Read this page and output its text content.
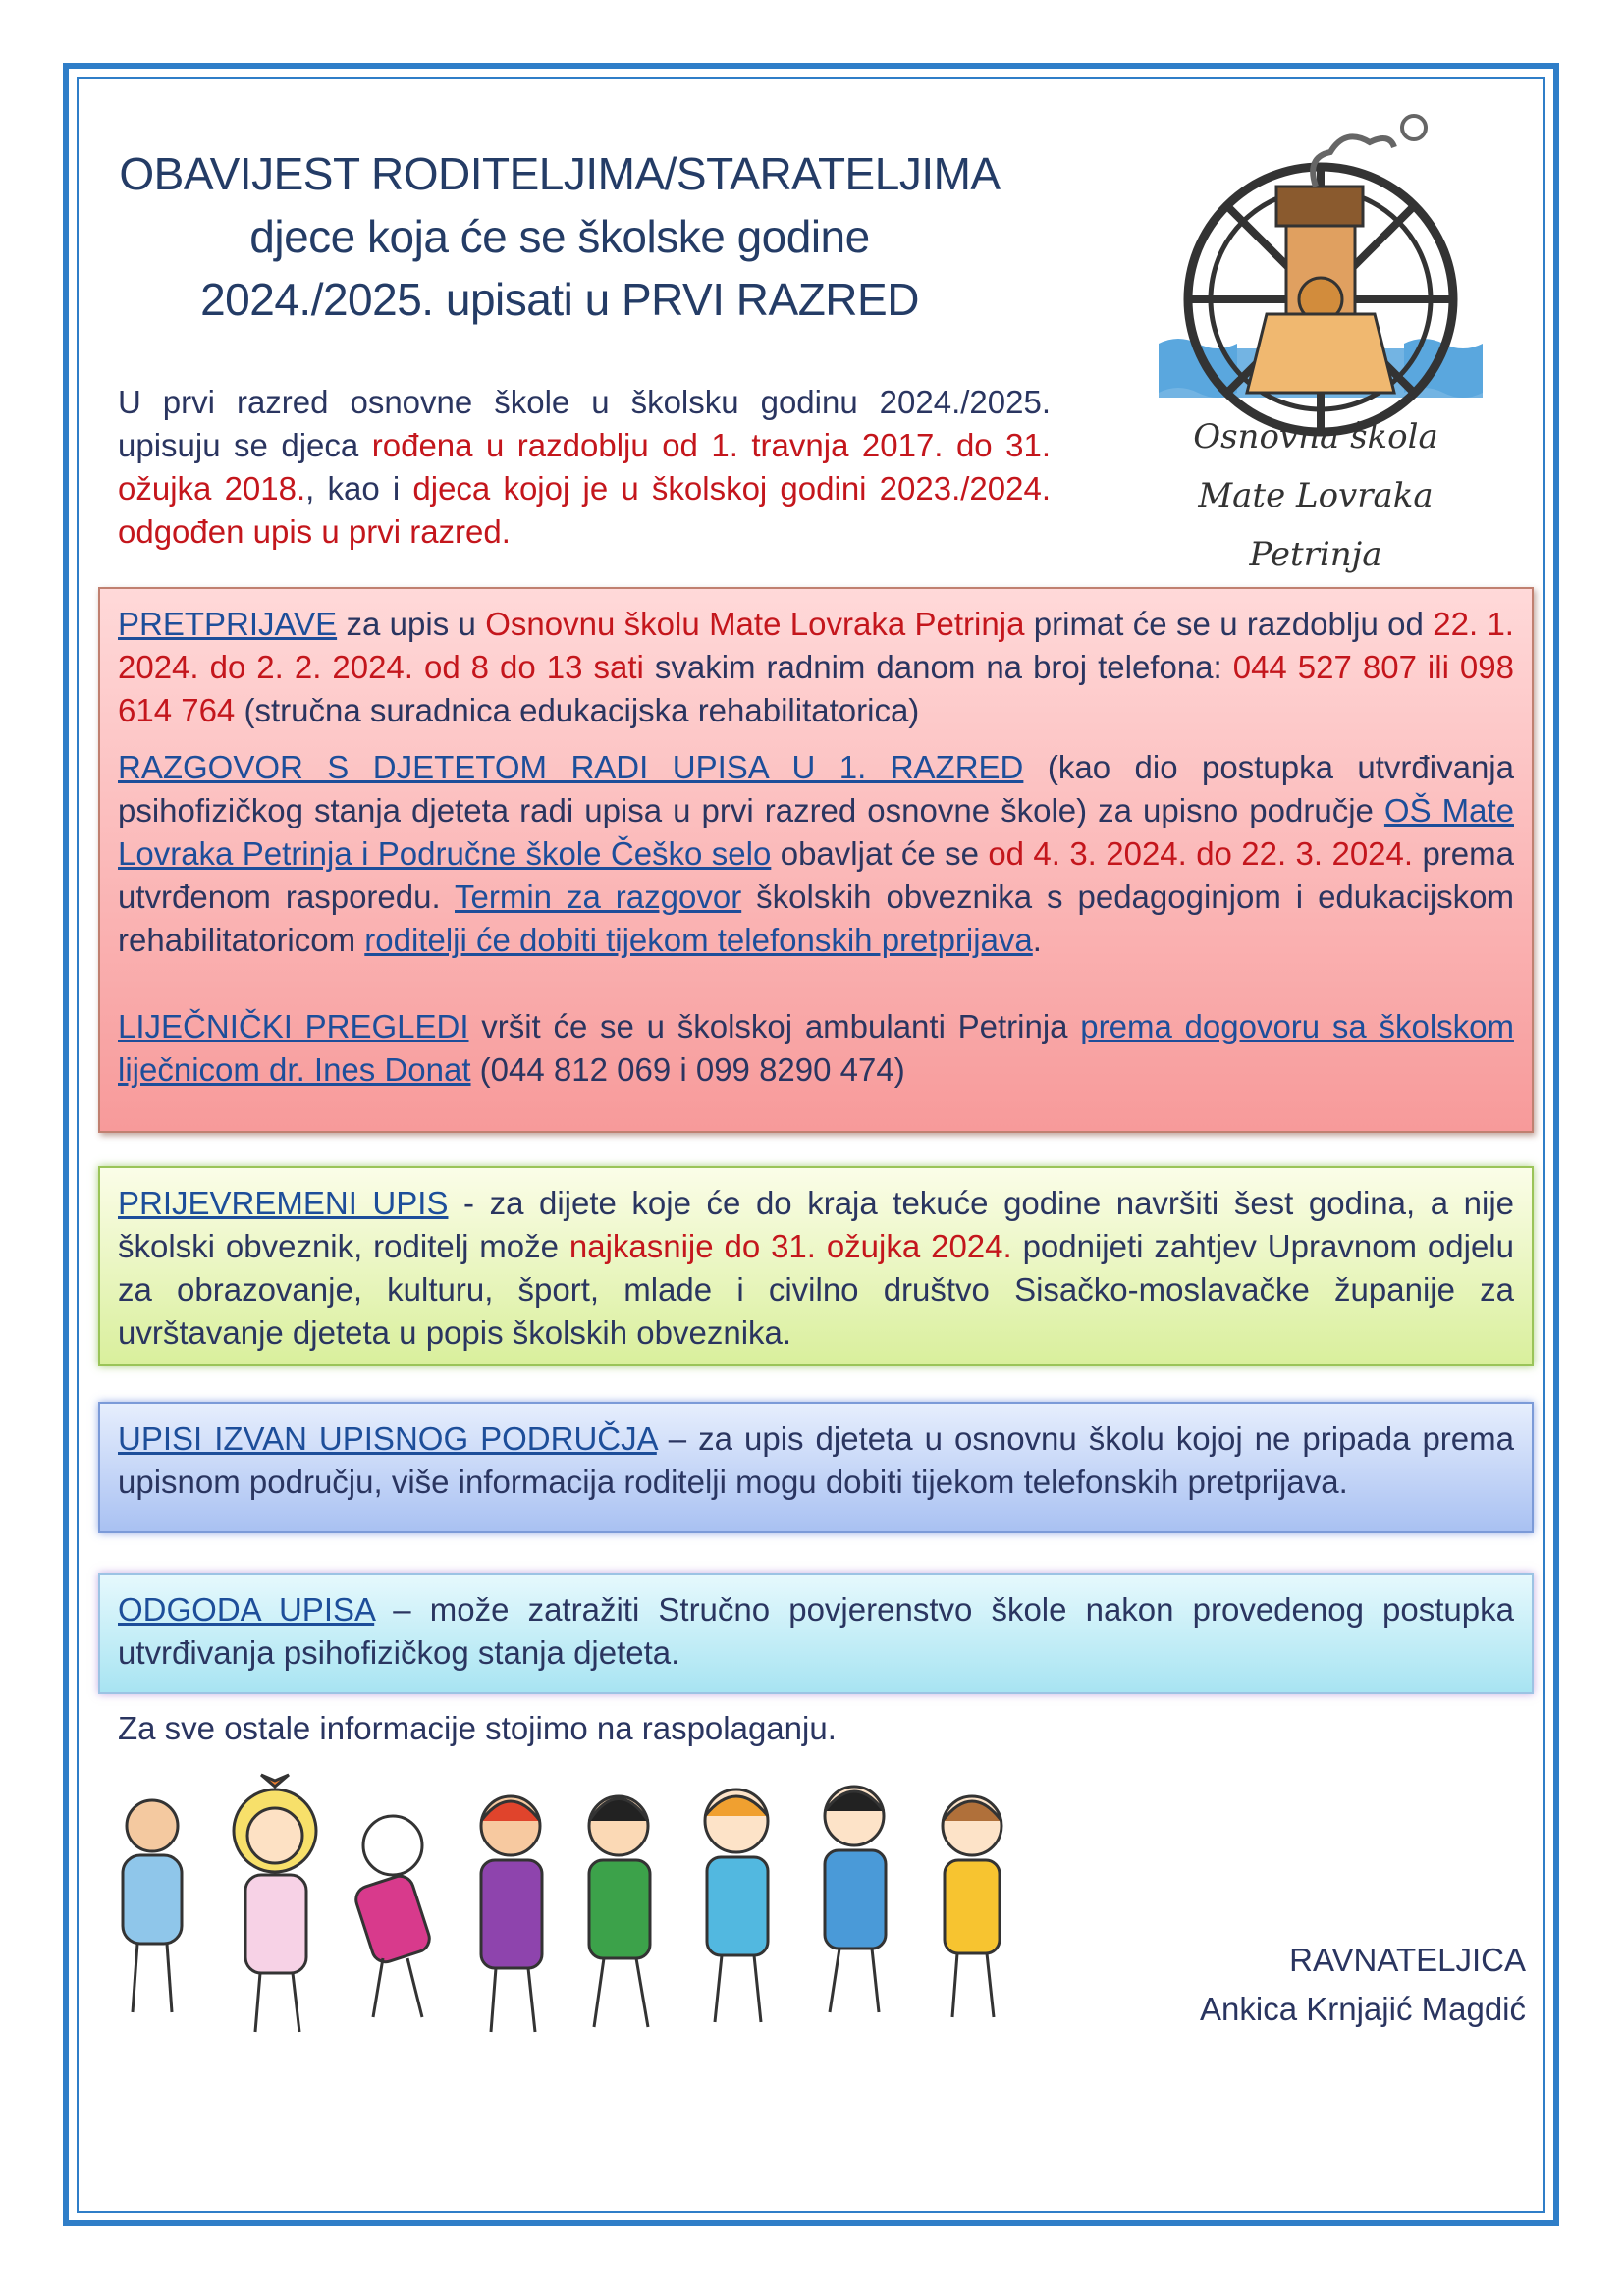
OBAVIJEST RODITELJIMA/STARATELJIMA
djece koja će se školske godine
2024./2025. upisati u PRVI RAZRED
U prvi razred osnovne škole u školsku godinu 2024./2025. upisuju se djeca rođena u razdoblju od 1. travnja 2017. do 31. ožujka 2018., kao i djeca kojoj je u školskoj godini 2023./2024. odgođen upis u prvi razred.
Osnovna škola
Mate Lovraka
Petrinja

PRETPRIJAVE za upis u Osnovnu školu Mate Lovraka Petrinja primat će se u razdoblju od 22. 1. 2024. do 2. 2. 2024. od 8 do 13 sati svakim radnim danom na broj telefona: 044 527 807 ili 098 614 764 (stručna suradnica edukacijska rehabilitatorica)

RAZGOVOR S DJETETOM RADI UPISA U 1. RAZRED (kao dio postupka utvrđivanja psihofizičkog stanja djeteta radi upisa u prvi razred osnovne škole) za upisno područje OŠ Mate Lovraka Petrinja i Područne škole Češko selo obavljat će se od 4. 3. 2024. do 22. 3. 2024. prema utvrđenom rasporedu. Termin za razgovor školskih obveznika s pedagoginjom i edukacijskom rehabilitatoricom roditelji će dobiti tijekom telefonskih pretprijava.

LIJEČNIČKI PREGLEDI vršit će se u školskoj ambulanti Petrinja prema dogovoru sa školskom liječnicom dr. Ines Donat (044 812 069 i 099 8290 474)

PRIJEVREMENI UPIS - za dijete koje će do kraja tekuće godine navršiti šest godina, a nije školski obveznik, roditelj može najkasnije do 31. ožujka 2024. podnijeti zahtjev Upravnom odjelu za obrazovanje, kulturu, šport, mlade i civilno društvo Sisačko-moslavačke županije za uvrštavanje djeteta u popis školskih obveznika.

UPISI IZVAN UPISNOG PODRUČJA – za upis djeteta u osnovnu školu kojoj ne pripada prema upisnom području, više informacija roditelji mogu dobiti tijekom telefonskih pretprijava.

ODGODA UPISA – može zatražiti Stručno povjerenstvo škole nakon provedenog postupka utvrđivanja psihofizičkog stanja djeteta.

Za sve ostale informacije stojimo na raspolaganju.
RAVNATELJICA
Ankica Krnjajić Magdić
